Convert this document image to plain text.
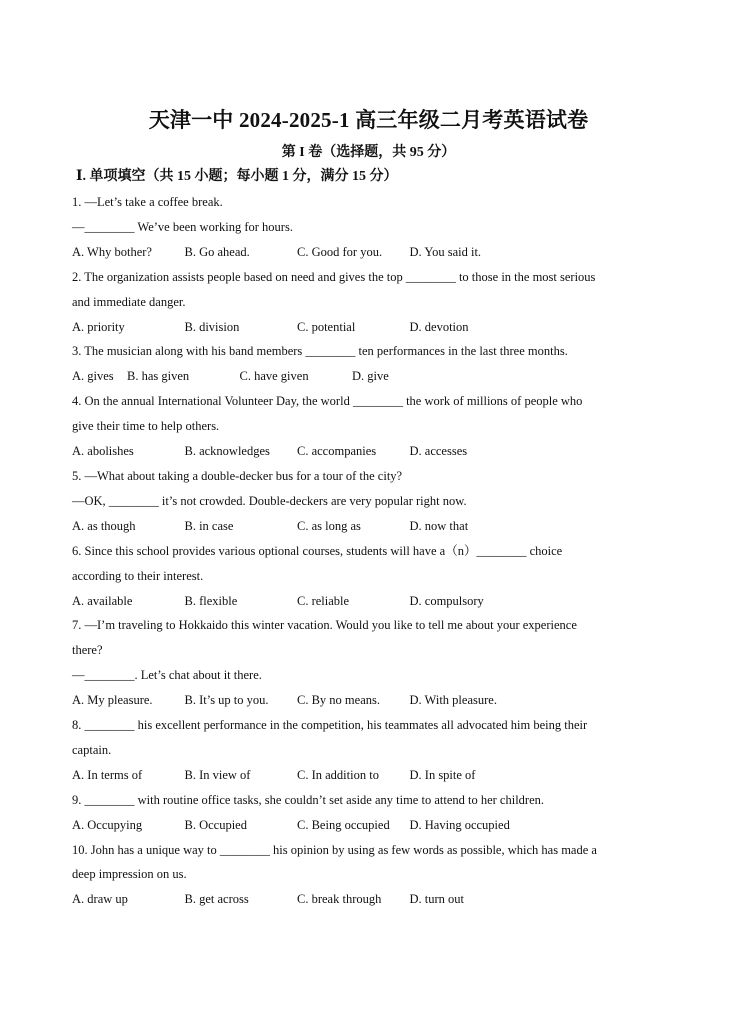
天津一中 2024-2025-1 高三年级二月考英语试卷
第 I 卷（选择题，共 95 分）
Ⅰ. 单项填空（共 15 小题；每小题 1 分，满分 15 分）
1. —Let’s take a coffee break.
—________ We’ve been working for hours.
A. Why bother?	B. Go ahead.	C. Good for you.	D. You said it.
2. The organization assists people based on need and gives the top ________ to those in the most serious
and immediate danger.
A. priority	B. division	C. potential	D. devotion
3. The musician along with his band members ________ ten performances in the last three months.
A. gives	B. has given	C. have given	D. give
4. On the annual International Volunteer Day, the world ________ the work of millions of people who
give their time to help others.
A. abolishes	B. acknowledges	C. accompanies	D. accesses
5. —What about taking a double-decker bus for a tour of the city?
—OK, ________ it’s not crowded. Double-deckers are very popular right now.
A. as though	B. in case	C. as long as	D. now that
6. Since this school provides various optional courses, students will have a（n）________ choice
according to their interest.
A. available	B. flexible	C. reliable	D. compulsory
7. —I’m traveling to Hokkaido this winter vacation. Would you like to tell me about your experience
there?
—________. Let’s chat about it there.
A. My pleasure.	B. It’s up to you.	C. By no means.	D. With pleasure.
8. ________ his excellent performance in the competition, his teammates all advocated him being their
captain.
A. In terms of	B. In view of	C. In addition to	D. In spite of
9. ________ with routine office tasks, she couldn’t set aside any time to attend to her children.
A. Occupying	B. Occupied	C. Being occupied	D. Having occupied
10. John has a unique way to ________ his opinion by using as few words as possible, which has made a
deep impression on us.
A. draw up	B. get across	C. break through	D. turn out
